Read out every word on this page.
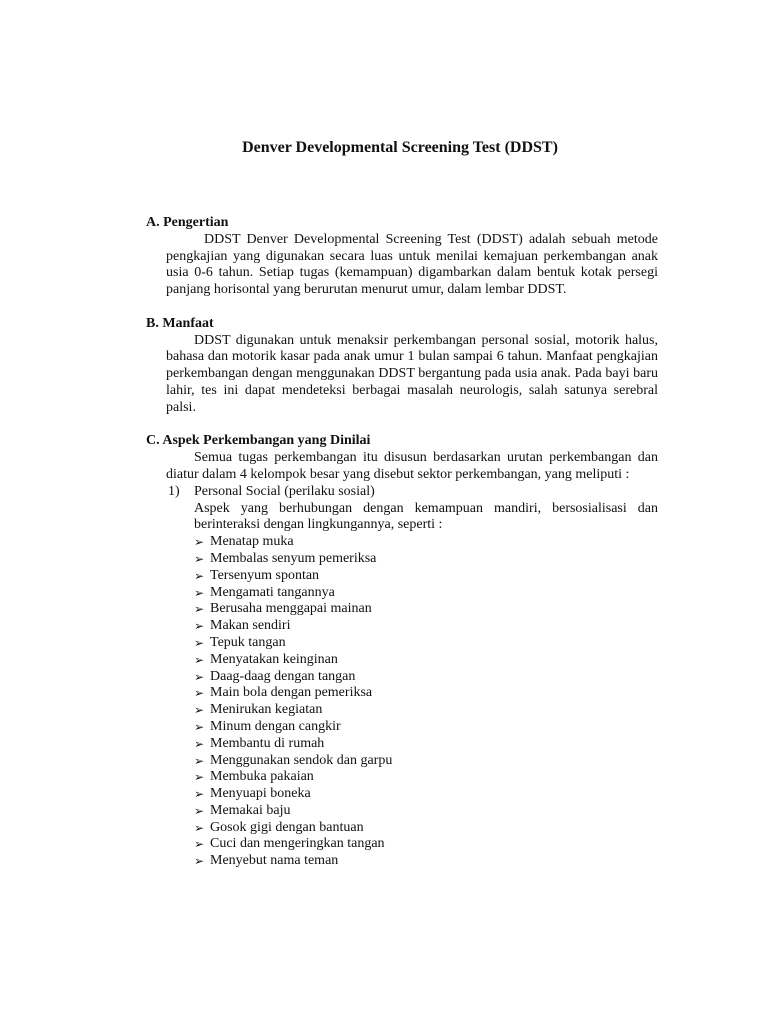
Denver Developmental Screening Test (DDST)

A. Pengertian

DDST Denver Developmental Screening Test (DDST) adalah sebuah metode pengkajian yang digunakan secara luas untuk menilai kemajuan perkembangan anak usia 0-6 tahun. Setiap tugas (kemampuan) digambarkan dalam bentuk kotak persegi panjang horisontal yang berurutan menurut umur, dalam lembar DDST.

B. Manfaat

DDST digunakan untuk menaksir perkembangan personal sosial, motorik halus, bahasa dan motorik kasar pada anak umur 1 bulan sampai 6 tahun. Manfaat pengkajian perkembangan dengan menggunakan DDST bergantung pada usia anak. Pada bayi baru lahir, tes ini dapat mendeteksi berbagai masalah neurologis, salah satunya serebral palsi.

C. Aspek Perkembangan yang Dinilai

Semua tugas perkembangan itu disusun berdasarkan urutan perkembangan dan diatur dalam 4 kelompok besar yang disebut sektor perkembangan, yang meliputi :

1) Personal Social (perilaku sosial)

Aspek yang berhubungan dengan kemampuan mandiri, bersosialisasi dan berinteraksi dengan lingkungannya, seperti :

➢ Menatap muka
➢ Membalas senyum pemeriksa
➢ Tersenyum spontan
➢ Mengamati tangannya
➢ Berusaha menggapai mainan
➢ Makan sendiri
➢ Tepuk tangan
➢ Menyatakan keinginan
➢ Daag-daag dengan tangan
➢ Main bola dengan pemeriksa
➢ Menirukan kegiatan
➢ Minum dengan cangkir
➢ Membantu di rumah
➢ Menggunakan sendok dan garpu
➢ Membuka pakaian
➢ Menyuapi boneka
➢ Memakai baju
➢ Gosok gigi dengan bantuan
➢ Cuci dan mengeringkan tangan
➢ Menyebut nama teman
